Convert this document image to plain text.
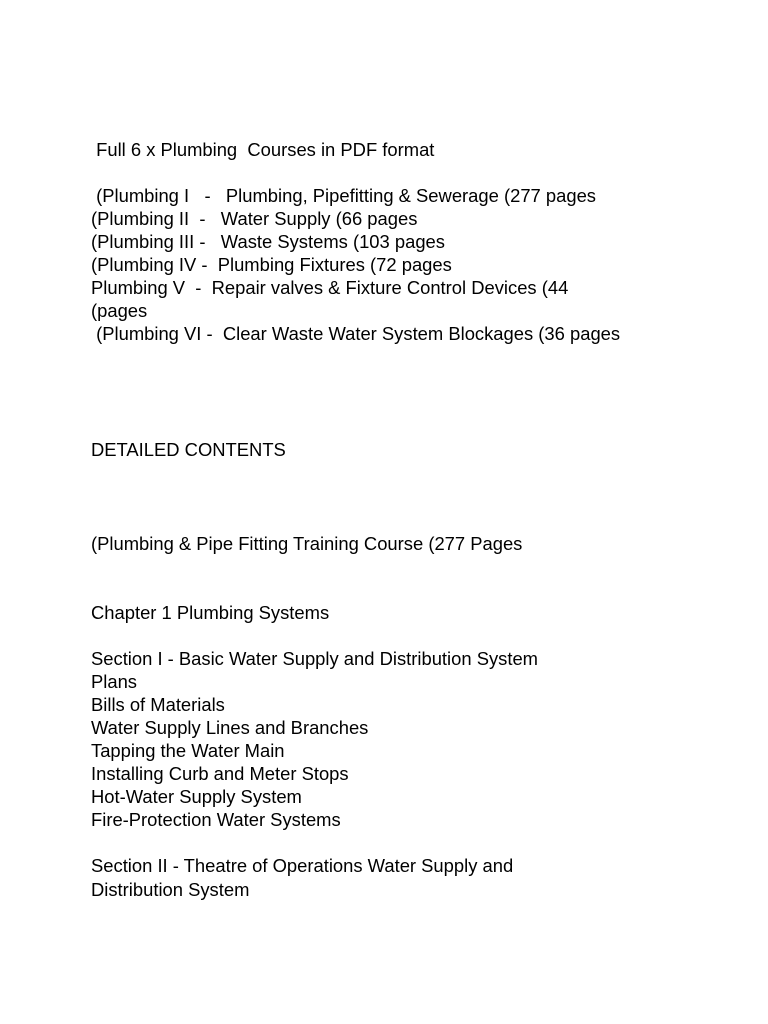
Full 6 x Plumbing  Courses in PDF format

(Plumbing I   -   Plumbing, Pipefitting & Sewerage (277 pages

(Plumbing II  -   Water Supply (66 pages

(Plumbing III -   Waste Systems (103 pages

(Plumbing IV -  Plumbing Fixtures (72 pages

Plumbing V  -  Repair valves & Fixture Control Devices (44

(pages

(Plumbing VI -  Clear Waste Water System Blockages (36 pages

DETAILED CONTENTS

(Plumbing & Pipe Fitting Training Course (277 Pages

Chapter 1 Plumbing Systems

Section I - Basic Water Supply and Distribution System

Plans

Bills of Materials

Water Supply Lines and Branches

Tapping the Water Main

Installing Curb and Meter Stops

Hot-Water Supply System

Fire-Protection Water Systems

Section II - Theatre of Operations Water Supply and

Distribution System
